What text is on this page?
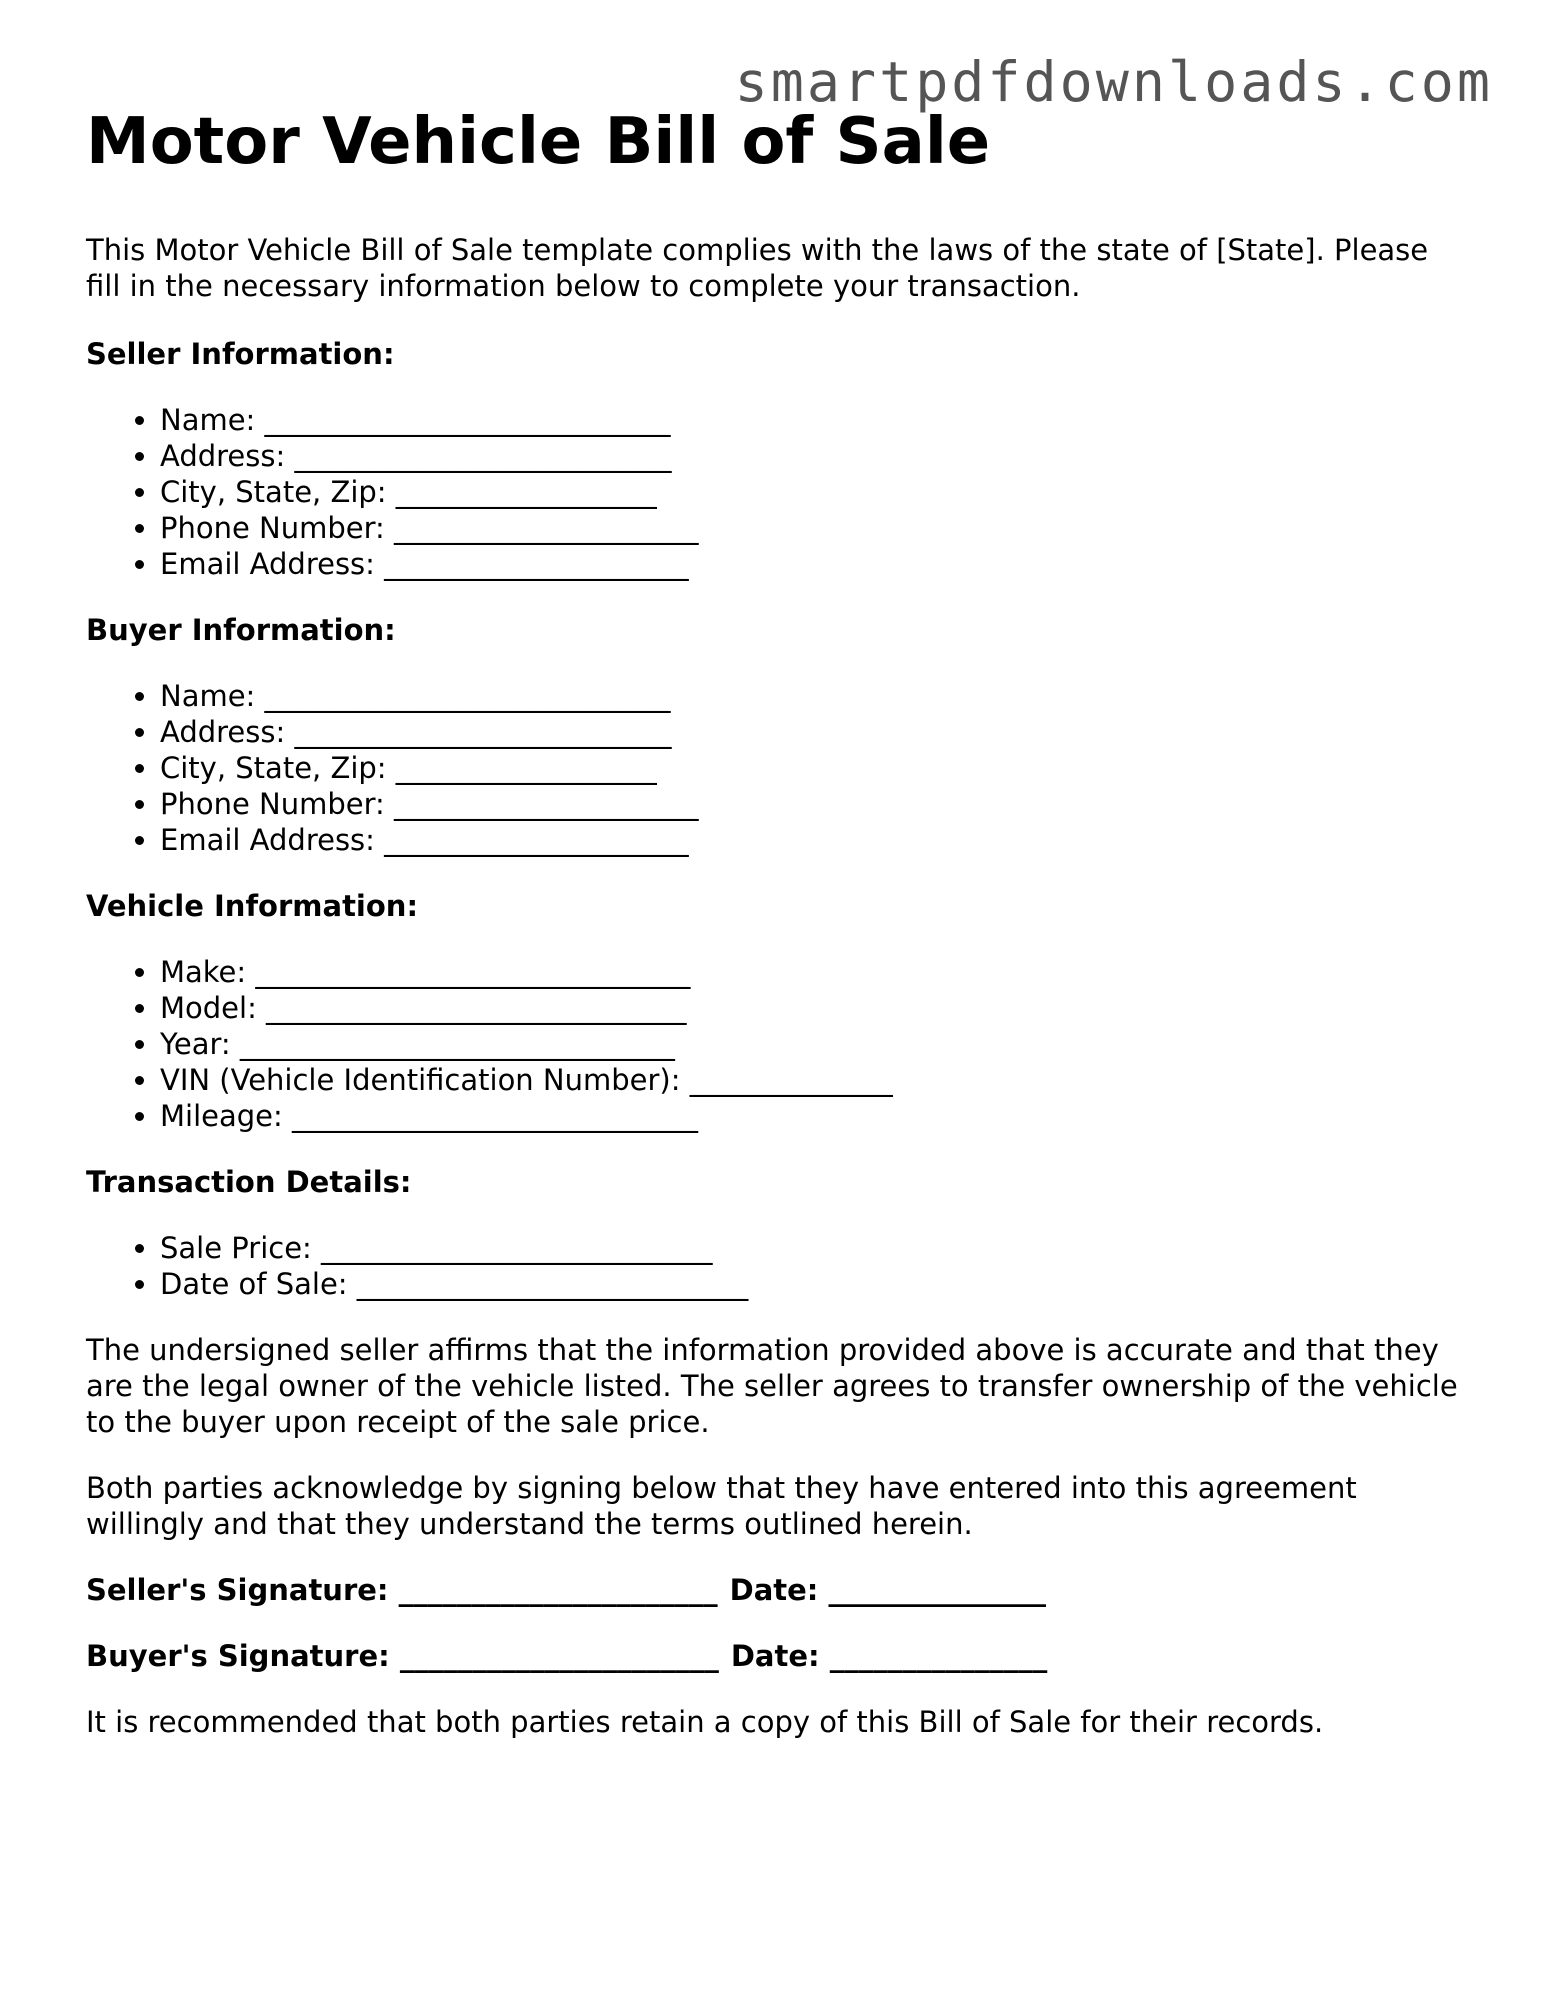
smartpdfdownloads.com
Motor Vehicle Bill of Sale

This Motor Vehicle Bill of Sale template complies with the laws of the state of [State]. Please fill in the necessary information below to complete your transaction.

Seller Information:
• Name: ____________________________
• Address: __________________________
• City, State, Zip: __________________
• Phone Number: _____________________
• Email Address: _____________________
Buyer Information:
• Name: ____________________________
• Address: __________________________
• City, State, Zip: __________________
• Phone Number: _____________________
• Email Address: _____________________
Vehicle Information:
• Make: ______________________________
• Model: _____________________________
• Year: ______________________________
• VIN (Vehicle Identification Number): ______________
• Mileage: ____________________________
Transaction Details:
• Sale Price: ___________________________
• Date of Sale: ___________________________

The undersigned seller affirms that the information provided above is accurate and that they are the legal owner of the vehicle listed. The seller agrees to transfer ownership of the vehicle to the buyer upon receipt of the sale price.

Both parties acknowledge by signing below that they have entered into this agreement willingly and that they understand the terms outlined herein.

Seller's Signature: ______________________ Date: _______________
Buyer's Signature: ______________________ Date: _______________

It is recommended that both parties retain a copy of this Bill of Sale for their records.
